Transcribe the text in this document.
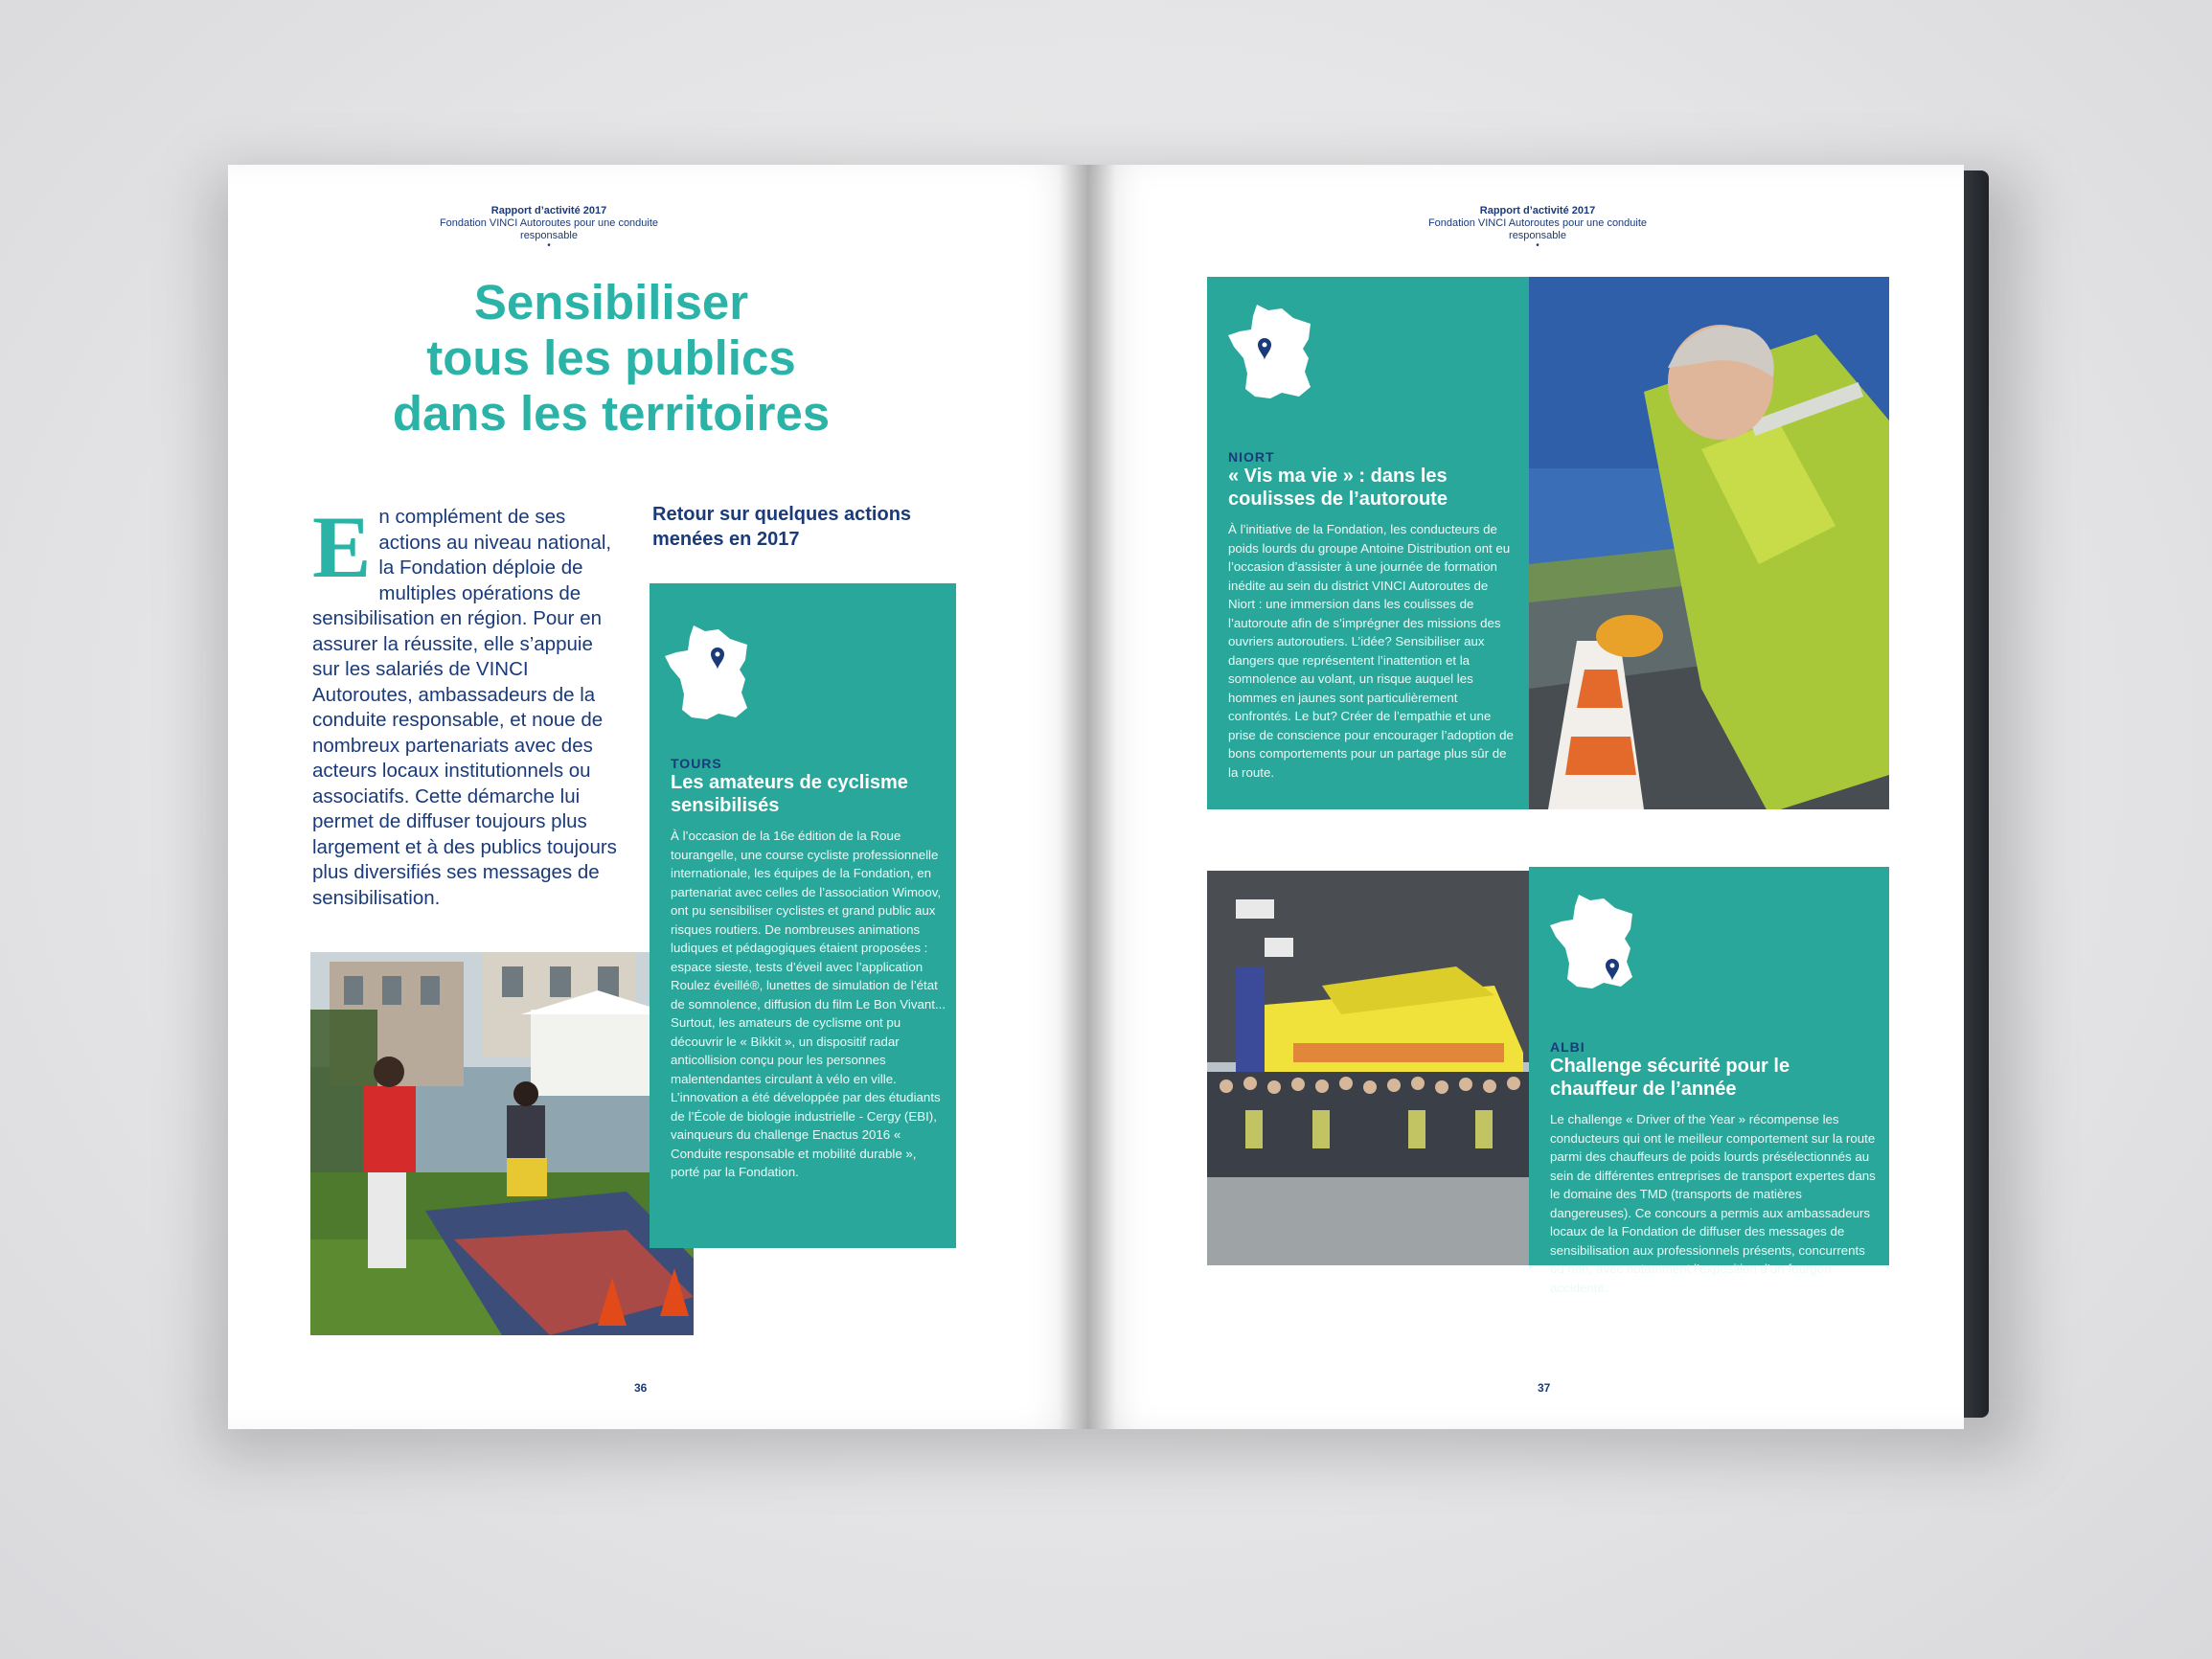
Rapport d’activité 2017
Fondation VINCI Autoroutes pour une conduite responsable
•
Sensibiliser
tous les publics
dans les territoires
En complément de ses actions au niveau national, la Fondation déploie de multiples opérations de sensibilisation en région. Pour en assurer la réussite, elle s’appuie sur les salariés de VINCI Autoroutes, ambassadeurs de la conduite responsable, et noue de nombreux partenariats avec des acteurs locaux institutionnels ou associatifs. Cette démarche lui permet de diffuser toujours plus largement et à des publics toujours plus diversifiés ses messages de sensibilisation.
Retour sur quelques actions menées en 2017
TOURS
Les amateurs de cyclisme sensibilisés
À l’occasion de la 16e édition de la Roue tourangelle, une course cycliste professionnelle internationale, les équipes de la Fondation, en partenariat avec celles de l’association Wimoov, ont pu sensibiliser cyclistes et grand public aux risques routiers. De nombreuses animations ludiques et pédagogiques étaient proposées : espace sieste, tests d’éveil avec l’application Roulez éveillé®, lunettes de simulation de l’état de somnolence, diffusion du film Le Bon Vivant... Surtout, les amateurs de cyclisme ont pu découvrir le « Bikkit », un dispositif radar anticollision conçu pour les personnes malentendantes circulant à vélo en ville. L’innovation a été développée par des étudiants de l’École de biologie industrielle - Cergy (EBI), vainqueurs du challenge Enactus 2016 « Conduite responsable et mobilité durable », porté par la Fondation.
36
Rapport d’activité 2017
Fondation VINCI Autoroutes pour une conduite responsable
•
NIORT
« Vis ma vie » : dans les coulisses de l’autoroute
À l’initiative de la Fondation, les conducteurs de poids lourds du groupe Antoine Distribution ont eu l’occasion d’assister à une journée de formation inédite au sein du district VINCI Autoroutes de Niort : une immersion dans les coulisses de l’autoroute afin de s’imprégner des missions des ouvriers autoroutiers. L’idée? Sensibiliser aux dangers que représentent l’inattention et la somnolence au volant, un risque auquel les hommes en jaunes sont particulièrement confrontés. Le but? Créer de l’empathie et une prise de conscience pour encourager l’adoption de bons comportements pour un partage plus sûr de la route.
ALBI
Challenge sécurité pour le chauffeur de l’année
Le challenge « Driver of the Year » récompense les conducteurs qui ont le meilleur comportement sur la route parmi des chauffeurs de poids lourds présélectionnés au sein de différentes entreprises de transport expertes dans le domaine des TMD (transports de matières dangereuses). Ce concours a permis aux ambassadeurs locaux de la Fondation de diffuser des messages de sensibilisation aux professionnels présents, concurrents ou non, avec notamment l’exposition d’un fourgon accidenté.
37
